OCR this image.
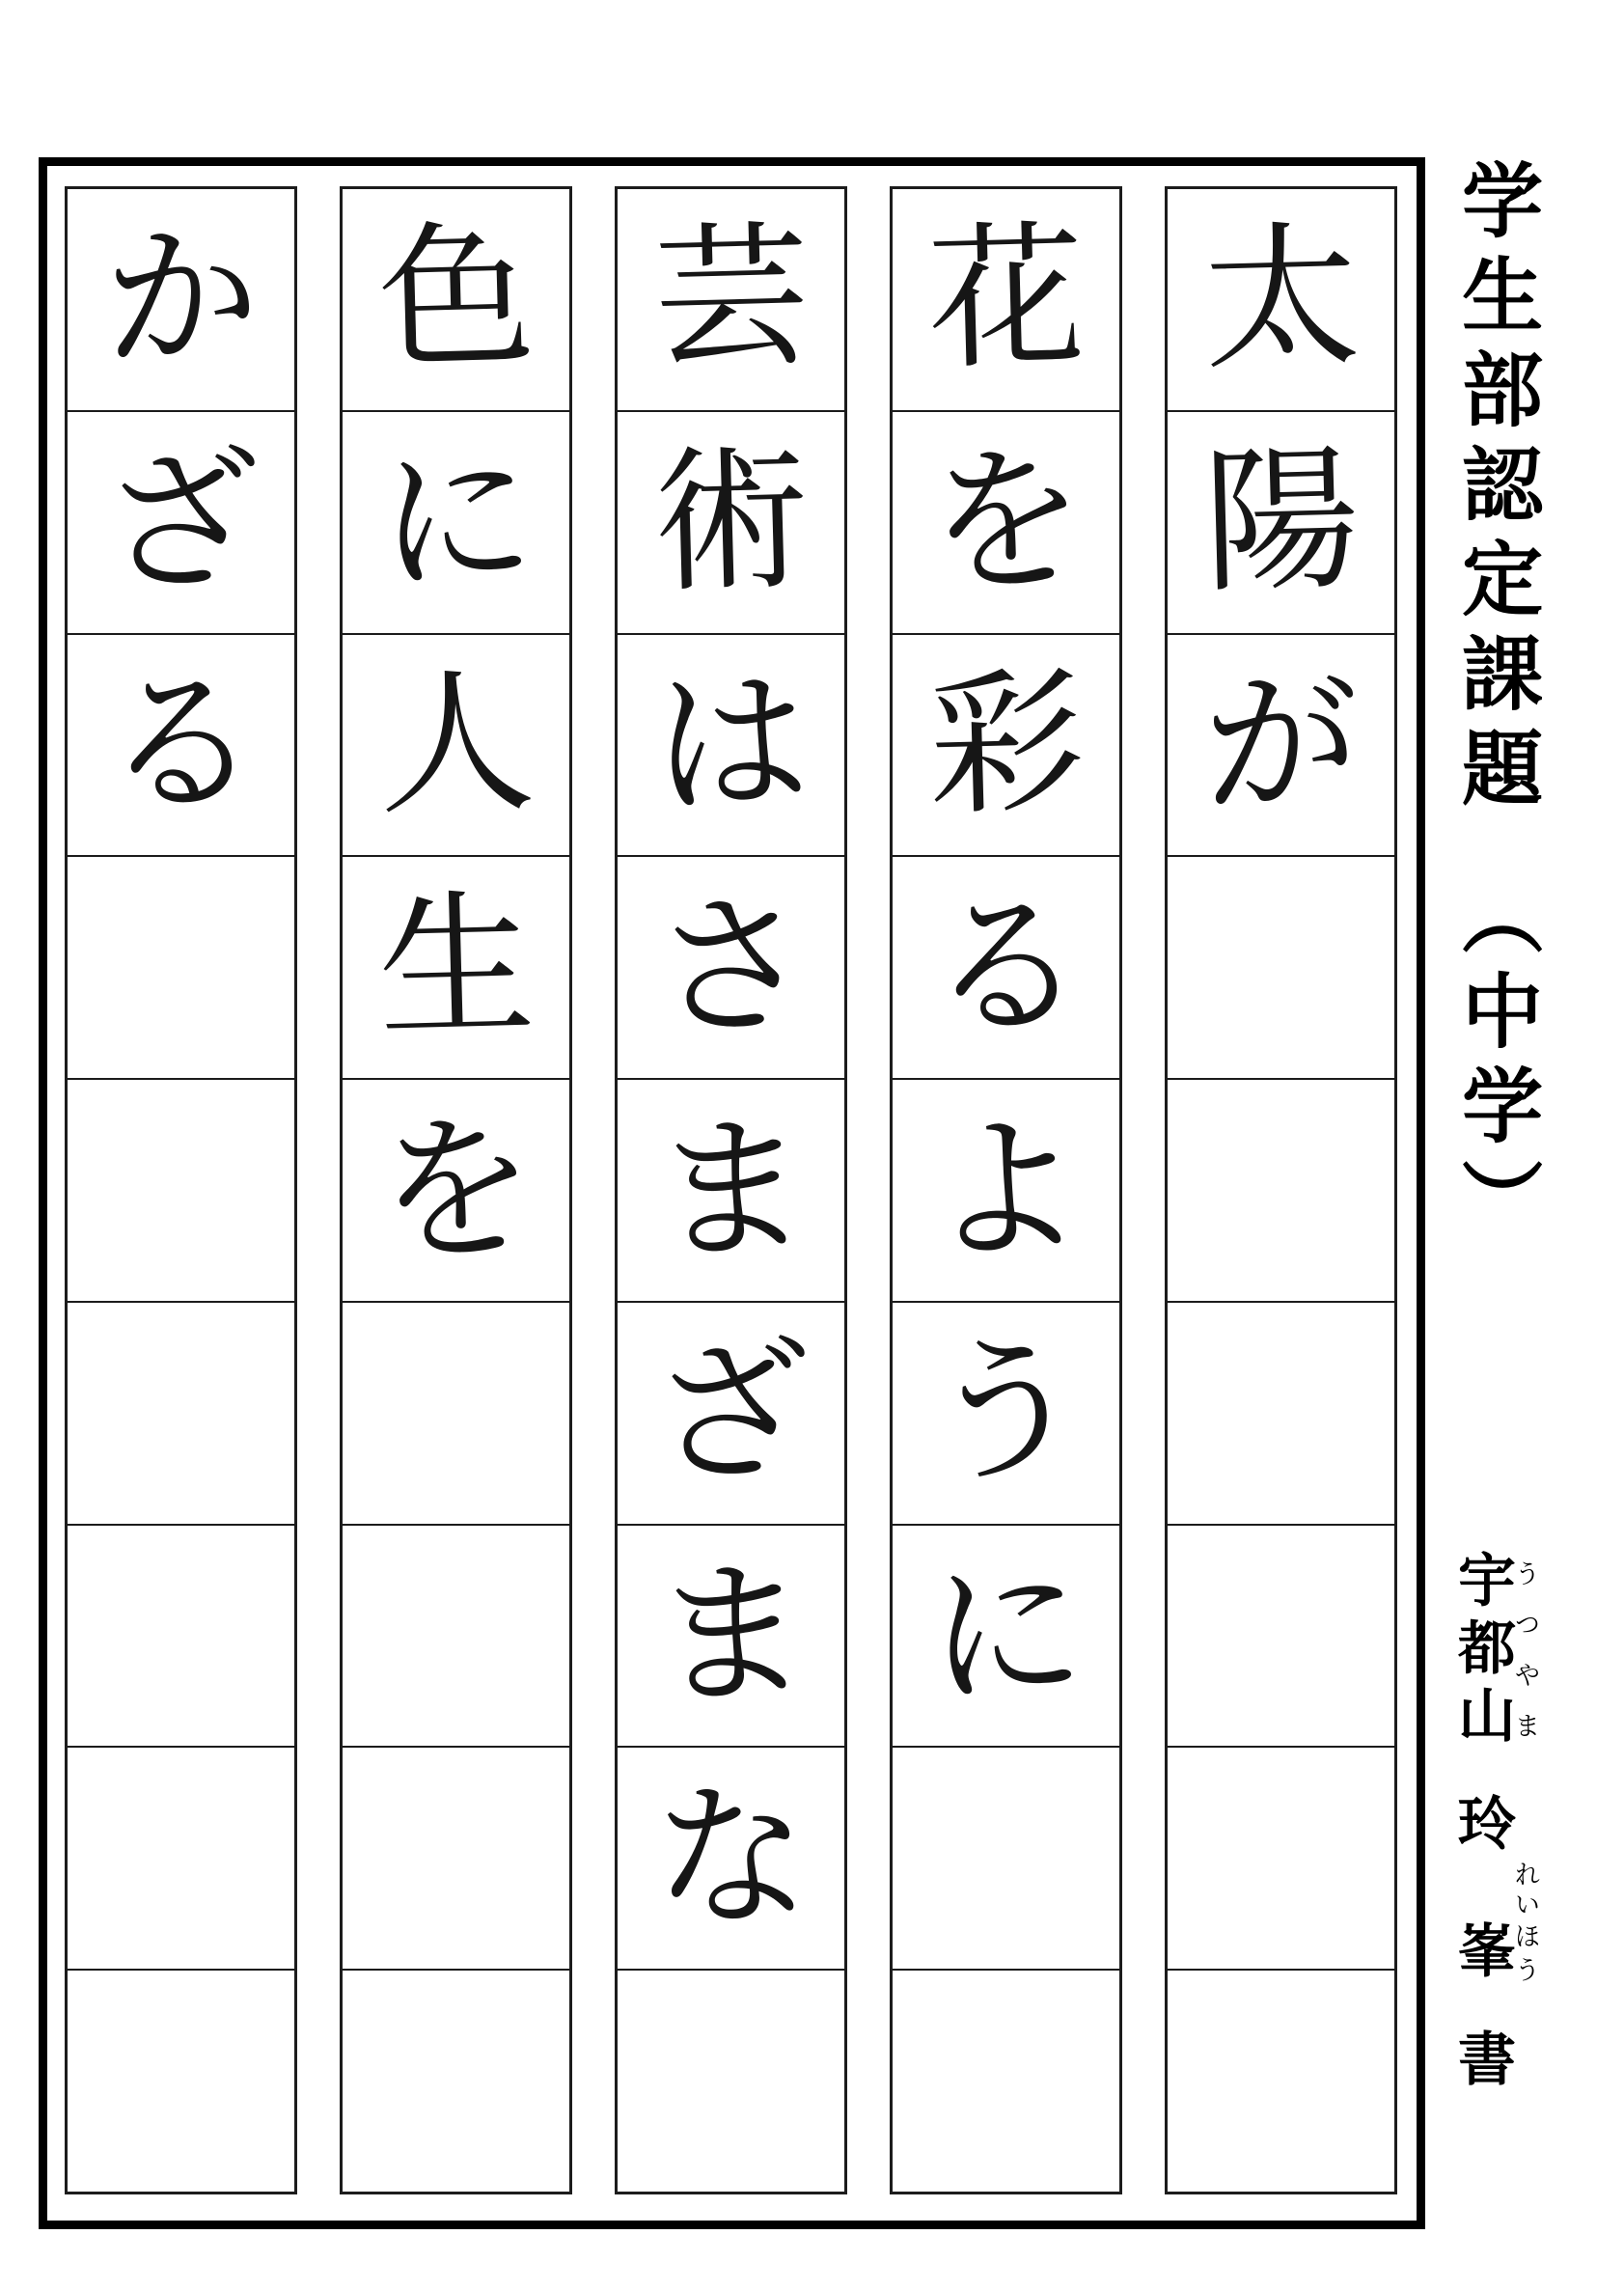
太
陽
が
花
を
彩
る
よ
う
に
芸
術
は
さ
ま
ざ
ま
な
色
に
人
生
を
か
ざ
る	学生部認定課題（中学）
宇都山うつやま玲れい峯ほう書
